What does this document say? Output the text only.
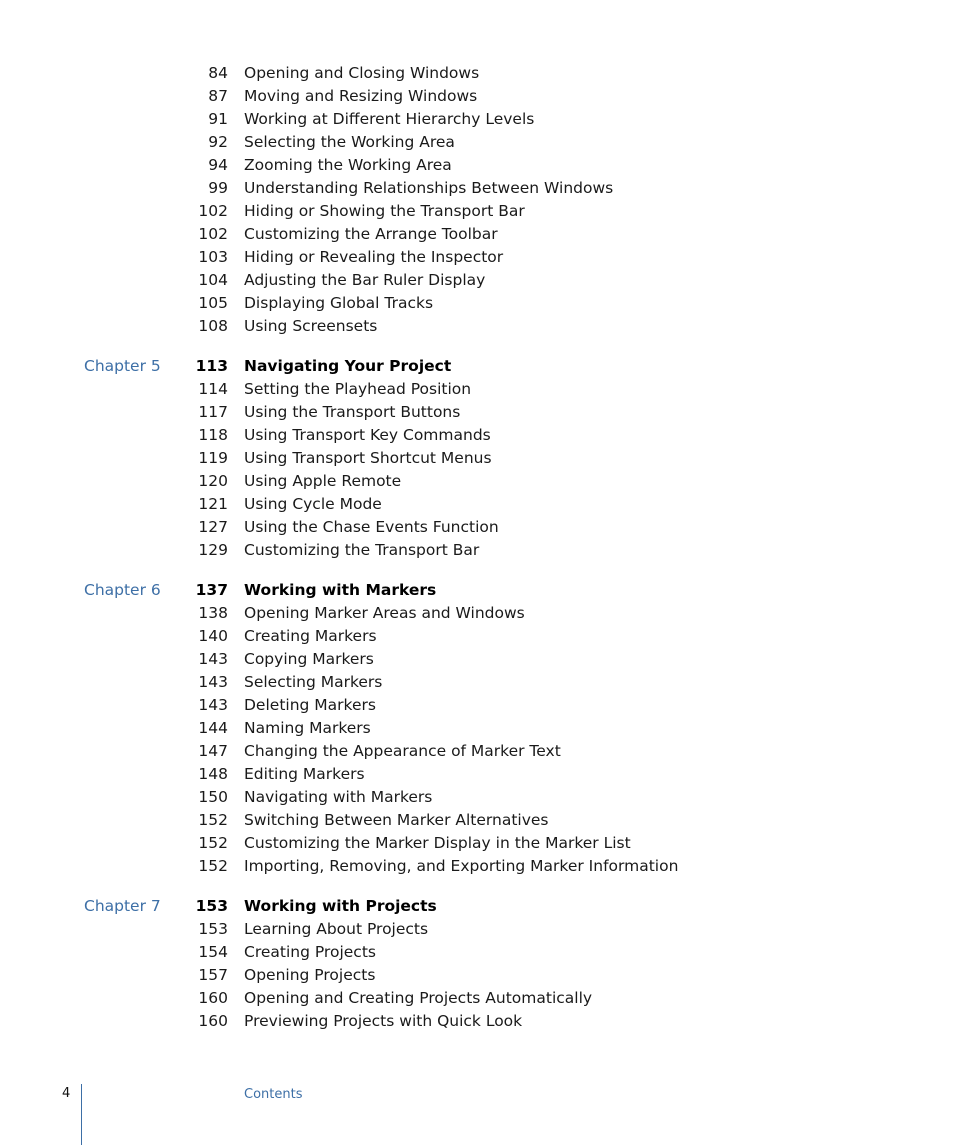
84 Opening and Closing Windows
87 Moving and Resizing Windows
91 Working at Different Hierarchy Levels
92 Selecting the Working Area
94 Zooming the Working Area
99 Understanding Relationships Between Windows
102 Hiding or Showing the Transport Bar
102 Customizing the Arrange Toolbar
103 Hiding or Revealing the Inspector
104 Adjusting the Bar Ruler Display
105 Displaying Global Tracks
108 Using Screensets
Chapter 5	113 Navigating Your Project
114 Setting the Playhead Position
117 Using the Transport Buttons
118 Using Transport Key Commands
119 Using Transport Shortcut Menus
120 Using Apple Remote
121 Using Cycle Mode
127 Using the Chase Events Function
129 Customizing the Transport Bar
Chapter 6	137 Working with Markers
138 Opening Marker Areas and Windows
140 Creating Markers
143 Copying Markers
143 Selecting Markers
143 Deleting Markers
144 Naming Markers
147 Changing the Appearance of Marker Text
148 Editing Markers
150 Navigating with Markers
152 Switching Between Marker Alternatives
152 Customizing the Marker Display in the Marker List
152 Importing, Removing, and Exporting Marker Information
Chapter 7	153 Working with Projects
153 Learning About Projects
154 Creating Projects
157 Opening Projects
160 Opening and Creating Projects Automatically
160 Previewing Projects with Quick Look
4	Contents
